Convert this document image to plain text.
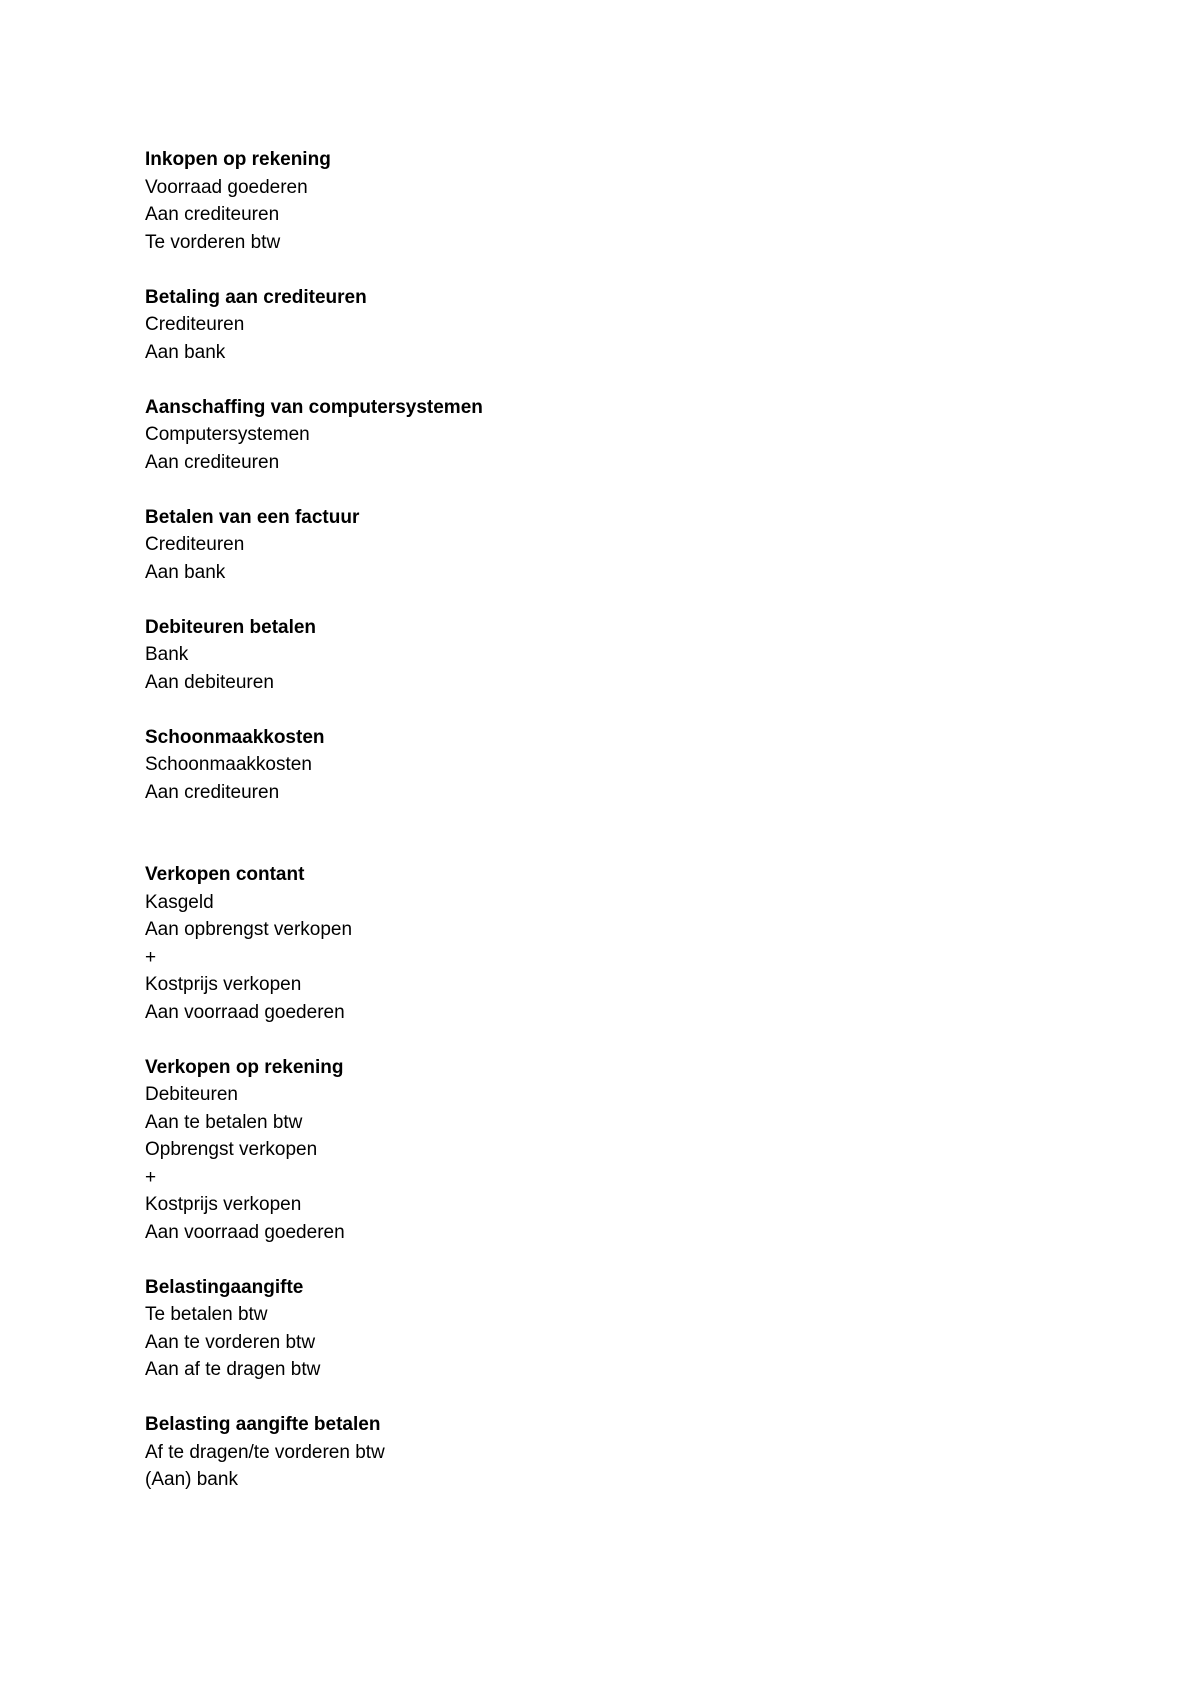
Inkopen op rekening
Voorraad goederen
Aan crediteuren
Te vorderen btw
Betaling aan crediteuren
Crediteuren
Aan bank
Aanschaffing van computersystemen
Computersystemen
Aan crediteuren
Betalen van een factuur
Crediteuren
Aan bank
Debiteuren betalen
Bank
Aan debiteuren
Schoonmaakkosten
Schoonmaakkosten
Aan crediteuren
Verkopen contant
Kasgeld
Aan opbrengst verkopen
+
Kostprijs verkopen
Aan voorraad goederen
Verkopen op rekening
Debiteuren
Aan te betalen btw
Opbrengst verkopen
+
Kostprijs verkopen
Aan voorraad goederen
Belastingaangifte
Te betalen btw
Aan te vorderen btw
Aan af te dragen btw
Belasting aangifte betalen
Af te dragen/te vorderen btw
(Aan) bank
